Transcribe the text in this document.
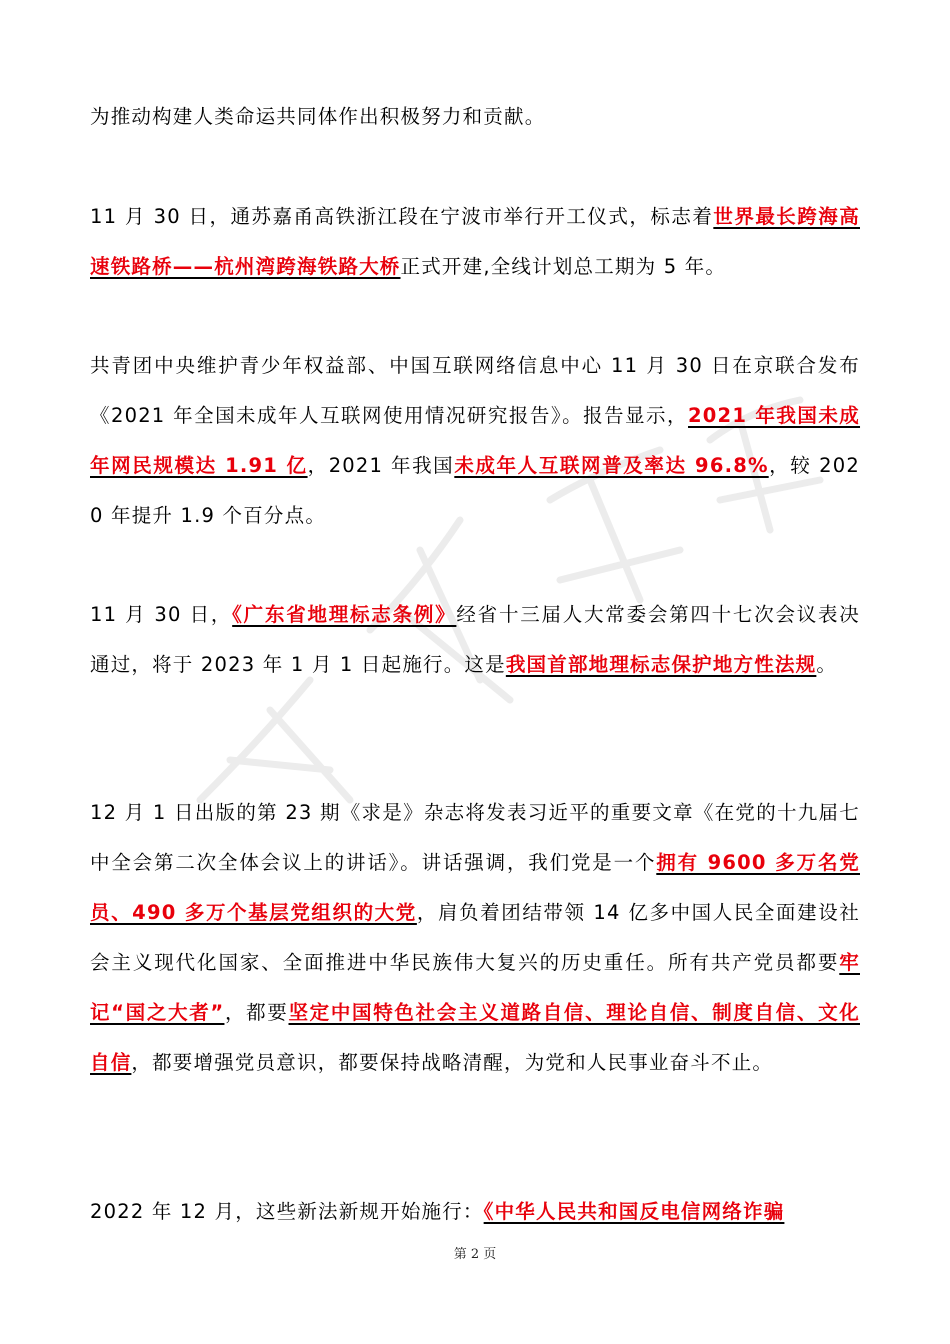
为推动构建人类命运共同体作出积极努力和贡献。
11 月 30 日，通苏嘉甬高铁浙江段在宁波市举行开工仪式，标志着世界最长跨海高速铁路桥——杭州湾跨海铁路大桥正式开建,全线计划总工期为 5 年。
共青团中央维护青少年权益部、中国互联网络信息中心 11 月 30 日在京联合发布《2021 年全国未成年人互联网使用情况研究报告》。报告显示，2021 年我国未成年网民规模达 1.91 亿，2021 年我国未成年人互联网普及率达 96.8%，较 2020 年提升 1.9 个百分点。
11 月 30 日，《广东省地理标志条例》经省十三届人大常委会第四十七次会议表决通过，将于 2023 年 1 月 1 日起施行。这是我国首部地理标志保护地方性法规。
12 月 1 日出版的第 23 期《求是》杂志将发表习近平的重要文章《在党的十九届七中全会第二次全体会议上的讲话》。讲话强调，我们党是一个拥有 9600 多万名党员、490 多万个基层党组织的大党，肩负着团结带领 14 亿多中国人民全面建设社会主义现代化国家、全面推进中华民族伟大复兴的历史重任。所有共产党员都要牢记“国之大者”，都要坚定中国特色社会主义道路自信、理论自信、制度自信、文化自信，都要增强党员意识，都要保持战略清醒，为党和人民事业奋斗不止。
2022 年 12 月，这些新法新规开始施行：《中华人民共和国反电信网络诈骗
第 2 页
